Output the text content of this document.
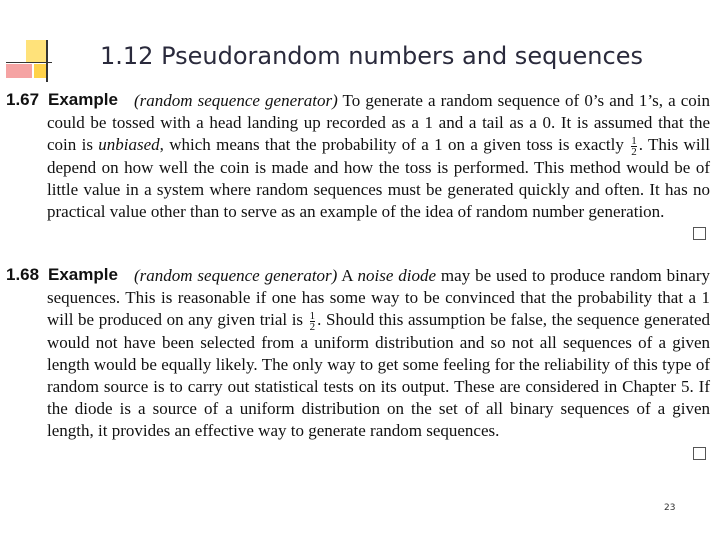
1.12 Pseudorandom numbers and sequences
1.67 Example (random sequence generator) To generate a random sequence of 0’s and 1’s, a coin could be tossed with a head landing up recorded as a 1 and a tail as a 0. It is assumed that the coin is unbiased, which means that the probability of a 1 on a given toss is exactly $\frac{1}{2}$ . This will depend on how well the coin is made and how the toss is performed. This method would be of little value in a system where random sequences must be generated quickly and often. It has no practical value other than to serve as an example of the idea of random number generation.
1.68 Example (random sequence generator) A noise diode may be used to produce random binary sequences. This is reasonable if one has some way to be convinced that the probability that a 1 will be produced on any given trial is $\frac{1}{2}$ . Should this assumption be false, the sequence generated would not have been selected from a uniform distribution and so not all sequences of a given length would be equally likely. The only way to get some feeling for the reliability of this type of random source is to carry out statistical tests on its output. These are considered in Chapter 5. If the diode is a source of a uniform distribution on the set of all binary sequences of a given length, it provides an effective way to generate random sequences.
23
